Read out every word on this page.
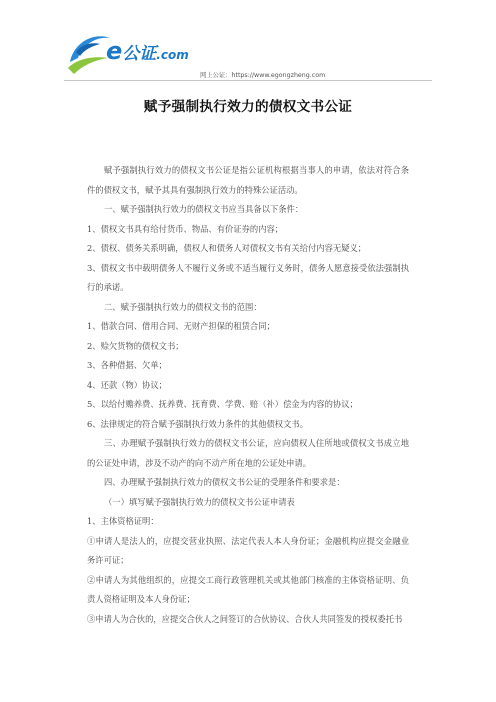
e公证.com
网上公证：https://www.egongzheng.com
赋予强制执行效力的债权文书公证

赋予强制执行效力的债权文书公证是指公证机构根据当事人的申请，依法对符合条件的债权文书，赋予其具有强制执行效力的特殊公证活动。

一、赋予强制执行效力的债权文书应当具备以下条件：

1、债权文书具有给付货币、物品、有价证券的内容；

2、债权、债务关系明确，债权人和债务人对债权文书有关给付内容无疑义；

3、债权文书中载明债务人不履行义务或不适当履行义务时，债务人愿意接受依法强制执行的承诺。

二、赋予强制执行效力的债权文书的范围：

1、借款合同、借用合同、无财产担保的租赁合同；

2、赊欠货物的债权文书；

3、各种借据、欠单；

4、还款（物）协议；

5、以给付赡养费、抚养费、抚育费、学费、赔（补）偿金为内容的协议；

6、法律规定的符合赋予强制执行效力条件的其他债权文书。

三、办理赋予强制执行效力的债权文书公证，应向债权人住所地或债权文书成立地的公证处申请，涉及不动产的向不动产所在地的公证处申请。

四、办理赋予强制执行效力的债权文书公证的受理条件和要求是：

（一）填写赋予强制执行效力的债权文书公证申请表

1、主体资格证明：

①申请人是法人的，应提交营业执照、法定代表人本人身份证；金融机构应提交金融业务许可证；

②申请人为其他组织的，应提交工商行政管理机关或其他部门核准的主体资格证明、负责人资格证明及本人身份证；

③申请人为合伙的，应提交合伙人之间签订的合伙协议、合伙人共同签发的授权委托书
